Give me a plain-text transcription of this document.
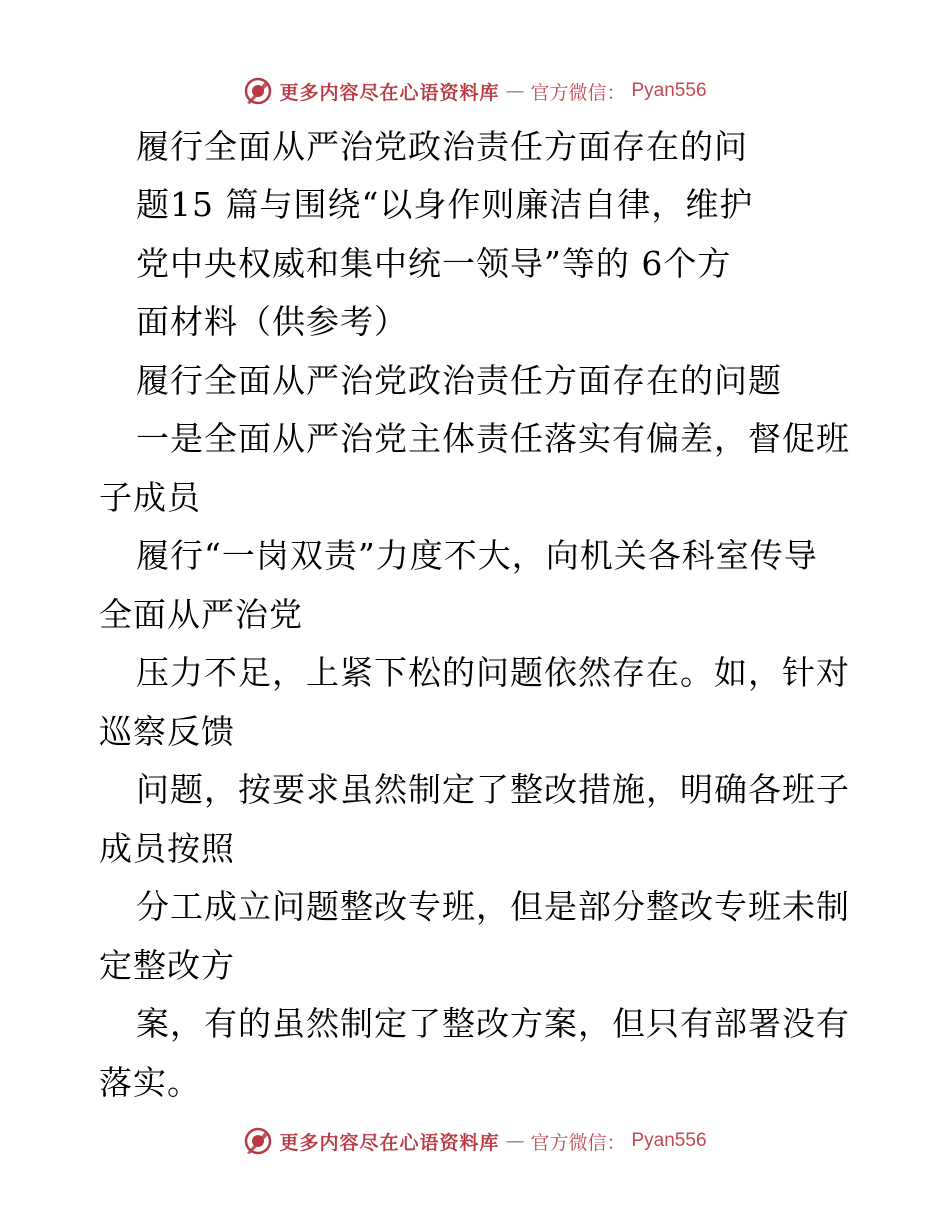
更多内容尽在心语资料库 — 官方微信： Pyan556
履行全面从严治党政治责任方面存在的问
题15 篇与围绕“以身作则廉洁自律，维护
党中央权威和集中统一领导”等的 6个方
面材料（供参考）
履行全面从严治党政治责任方面存在的问题
一是全面从严治党主体责任落实有偏差，督促班
子成员
履行“一岗双责”力度不大，向机关各科室传导
全面从严治党
压力不足，上紧下松的问题依然存在。如，针对
巡察反馈
问题，按要求虽然制定了整改措施，明确各班子
成员按照
分工成立问题整改专班，但是部分整改专班未制
定整改方
案，有的虽然制定了整改方案，但只有部署没有
落实。
更多内容尽在心语资料库 — 官方微信： Pyan556
